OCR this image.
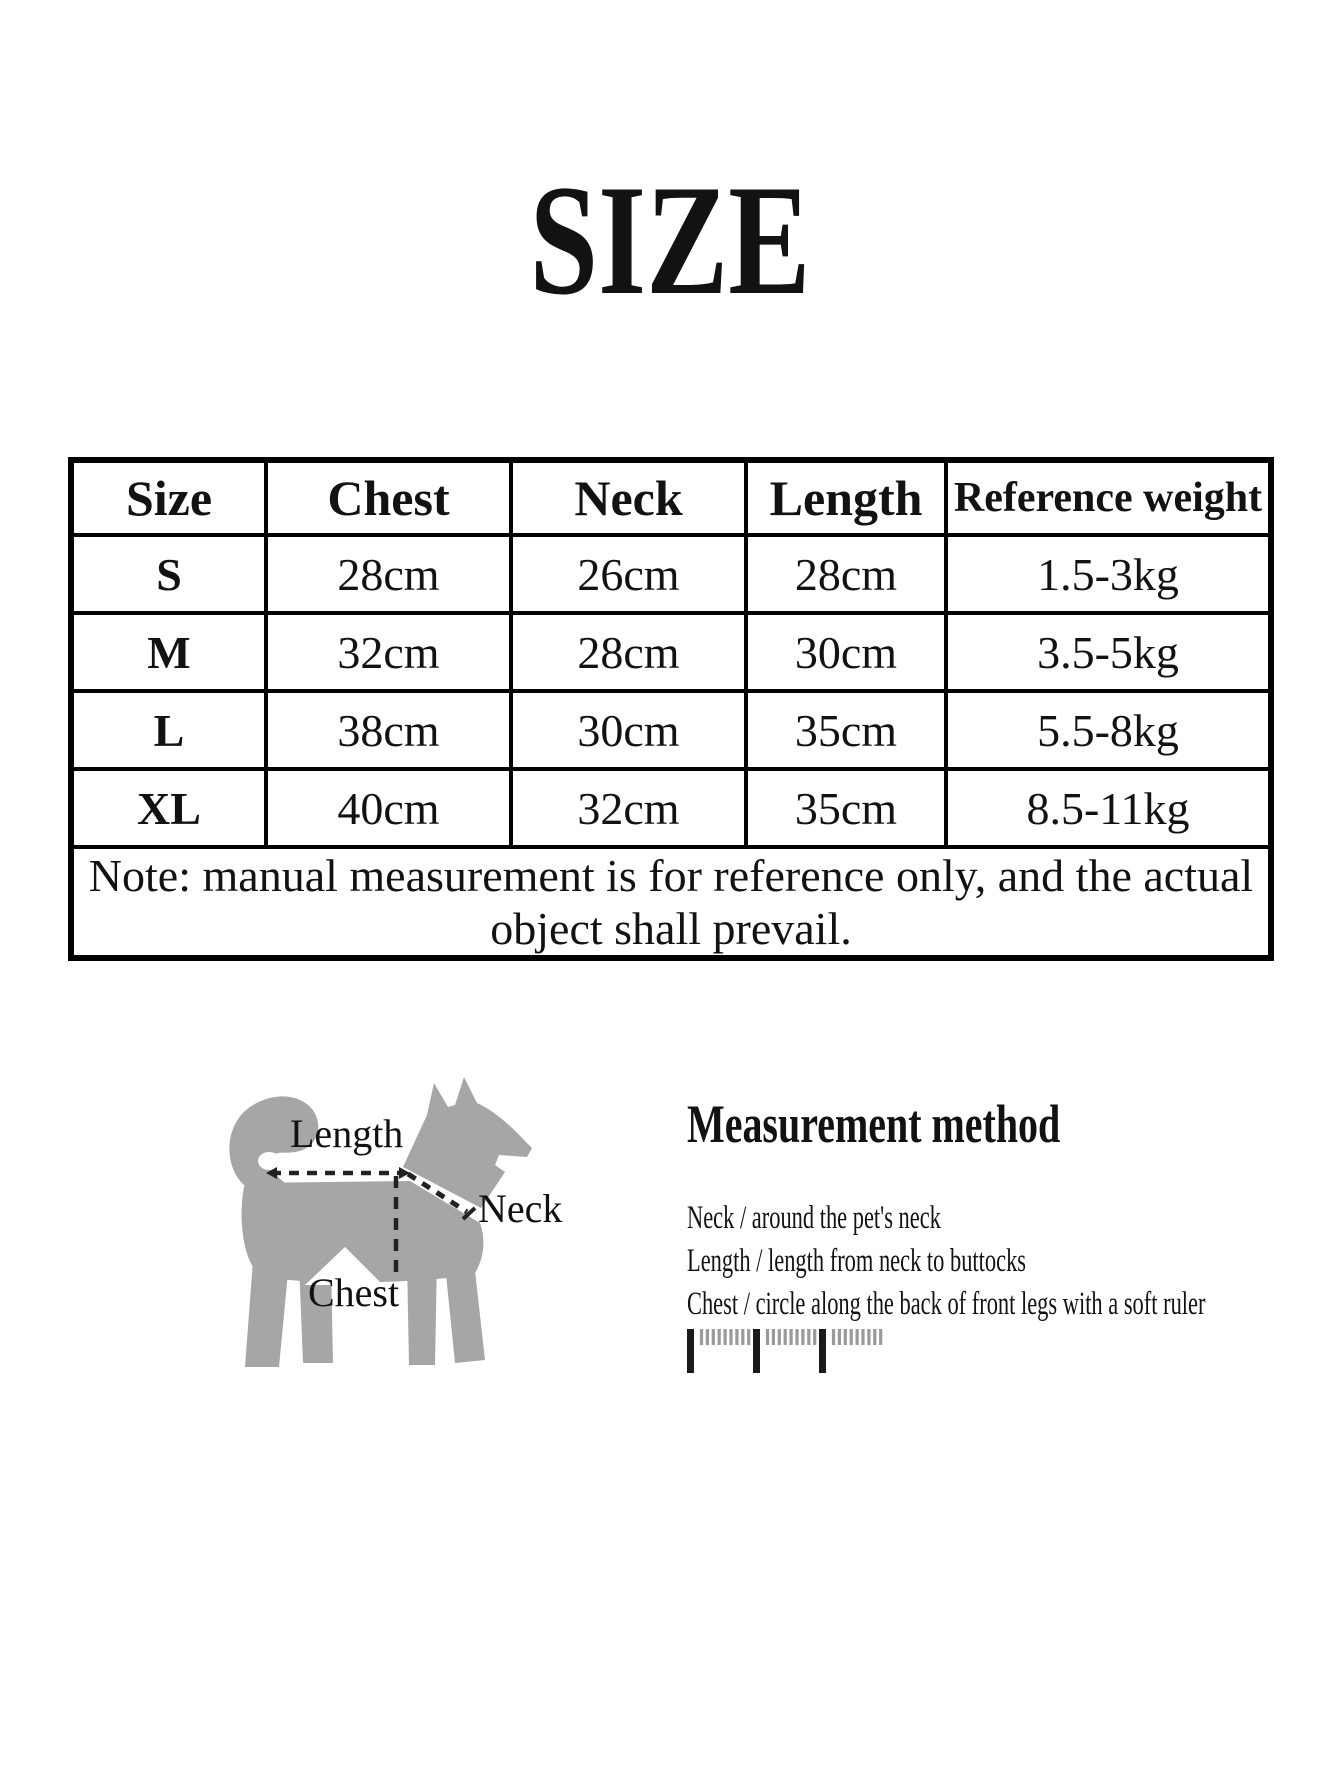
SIZE
Size	Chest	Neck	Length	Reference weight
S	28cm	26cm	28cm	1.5-3kg
M	32cm	28cm	30cm	3.5-5kg
L	38cm	30cm	35cm	5.5-8kg
XL	40cm	32cm	35cm	8.5-11kg
Note: manual measurement is for reference only, and the actual object shall prevail.				
Length
Neck
Chest
Measurement method
Neck / around the pet's neck
Length / length from neck to buttocks
Chest / circle along the back of front legs with a soft ruler
